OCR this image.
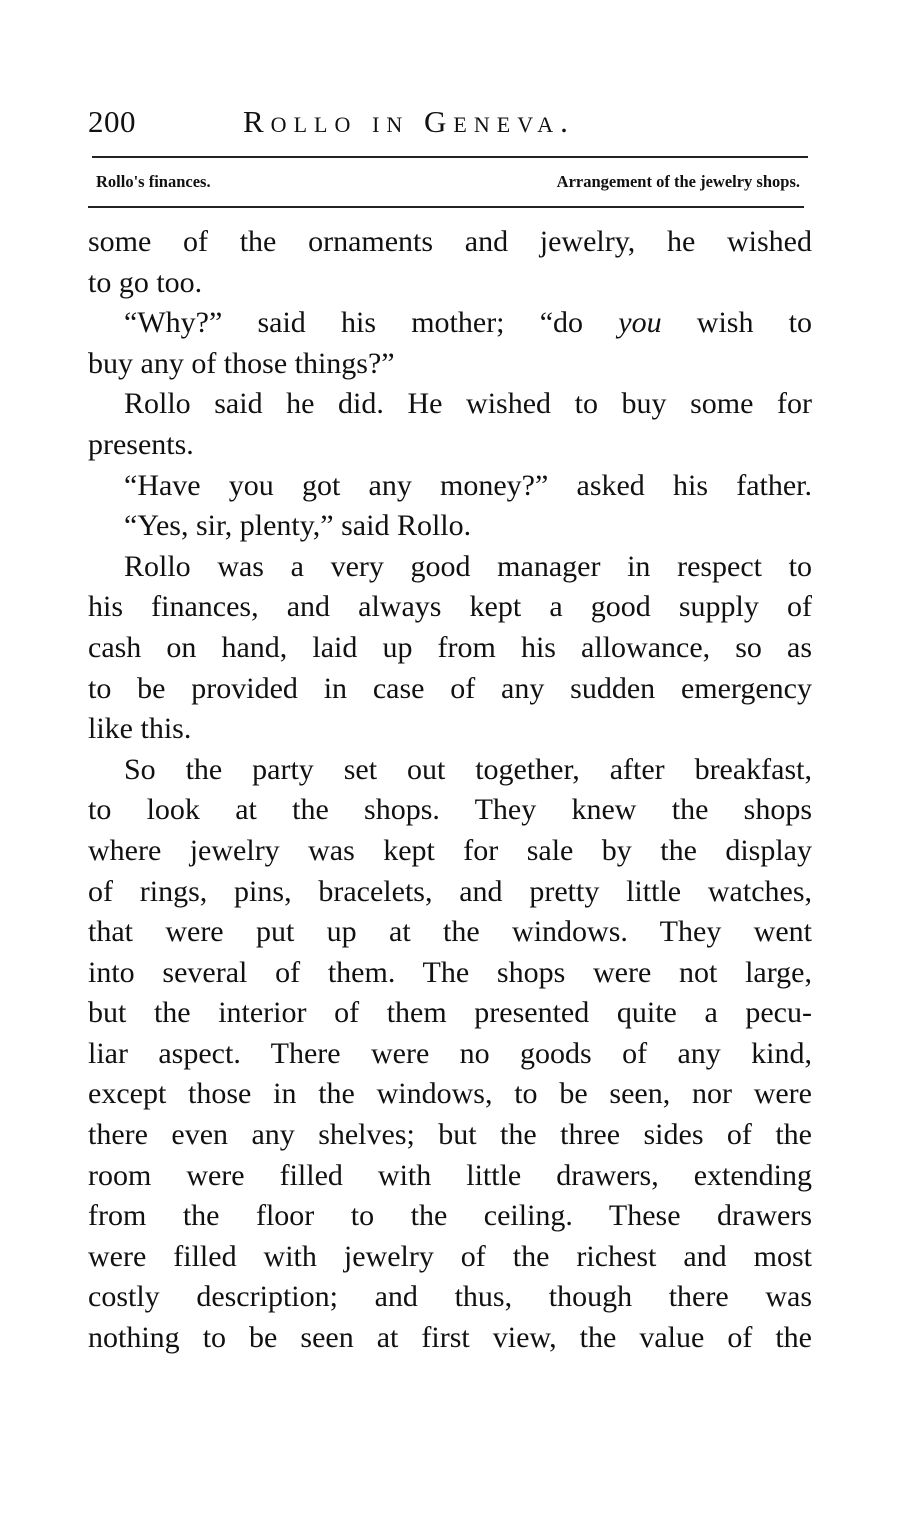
200	Rollo in Geneva.
Rollo's finances.	Arrangement of the jewelry shops.
some of the ornaments and jewelry, he wished
to go too.
“Why?” said his mother; “do you wish to
buy any of those things?”
Rollo said he did. He wished to buy some for
presents.
“Have you got any money?” asked his father.
“Yes, sir, plenty,” said Rollo.
Rollo was a very good manager in respect to
his finances, and always kept a good supply of
cash on hand, laid up from his allowance, so as
to be provided in case of any sudden emergency
like this.
So the party set out together, after breakfast,
to look at the shops. They knew the shops
where jewelry was kept for sale by the display
of rings, pins, bracelets, and pretty little watches,
that were put up at the windows. They went
into several of them. The shops were not large,
but the interior of them presented quite a pecu-
liar aspect. There were no goods of any kind,
except those in the windows, to be seen, nor were
there even any shelves; but the three sides of the
room were filled with little drawers, extending
from the floor to the ceiling. These drawers
were filled with jewelry of the richest and most
costly description; and thus, though there was
nothing to be seen at first view, the value of the
